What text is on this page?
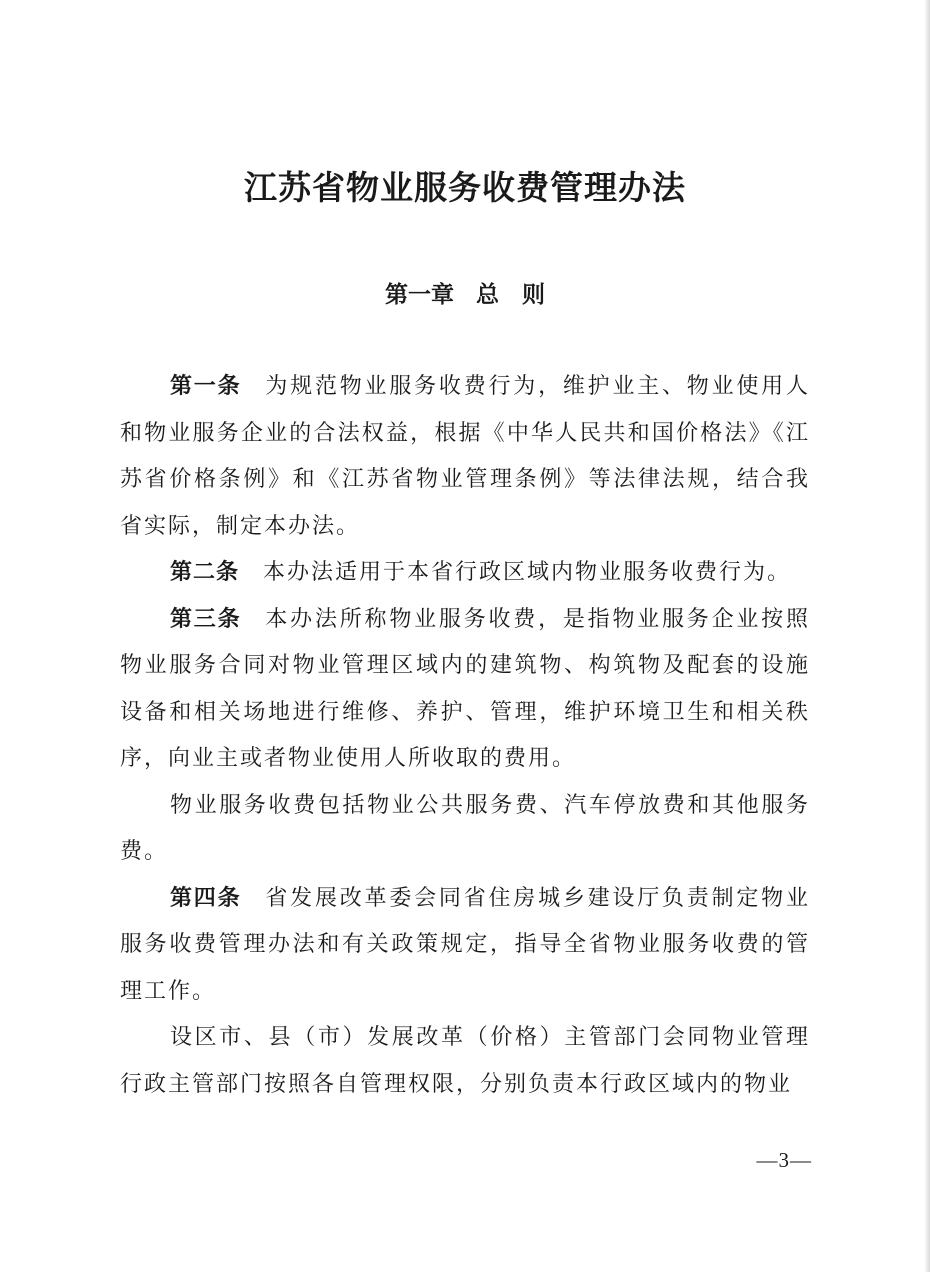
江苏省物业服务收费管理办法
第一章 总　则

第一条 为规范物业服务收费行为，维护业主、物业使用人和物业服务企业的合法权益，根据《中华人民共和国价格法》《江苏省价格条例》和《江苏省物业管理条例》等法律法规，结合我省实际，制定本办法。

第二条 本办法适用于本省行政区域内物业服务收费行为。

第三条 本办法所称物业服务收费，是指物业服务企业按照物业服务合同对物业管理区域内的建筑物、构筑物及配套的设施设备和相关场地进行维修、养护、管理，维护环境卫生和相关秩序，向业主或者物业使用人所收取的费用。

物业服务收费包括物业公共服务费、汽车停放费和其他服务费。

第四条 省发展改革委会同省住房城乡建设厅负责制定物业服务收费管理办法和有关政策规定，指导全省物业服务收费的管理工作。

设区市、县（市）发展改革（价格）主管部门会同物业管理行政主管部门按照各自管理权限，分别负责本行政区域内的物业

—3—
